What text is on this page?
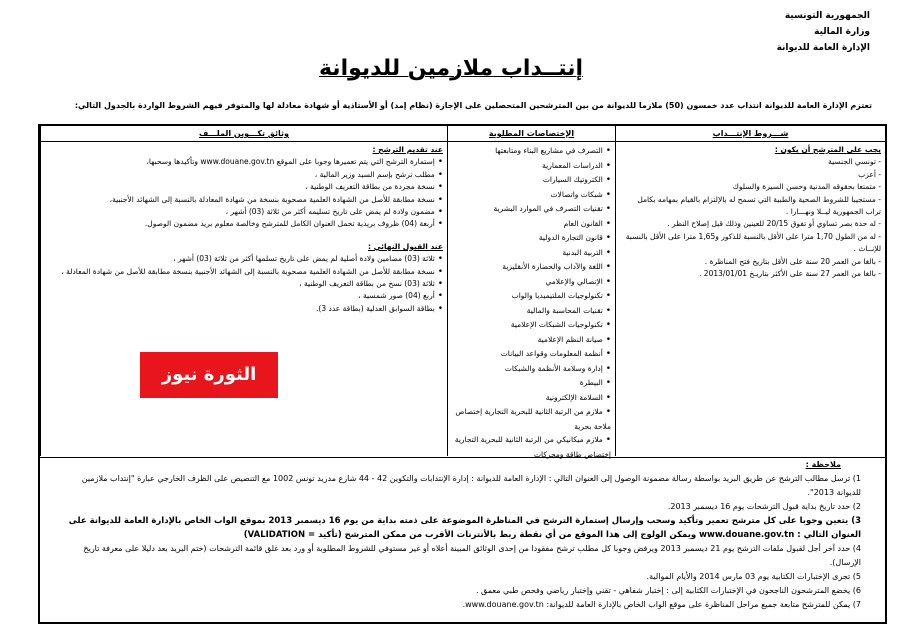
الجمهورية التونسية
وزارة المالية
الإدارة العامة للديوانة
إنتــداب ملازمين للديوانة
تعتزم الإدارة العامة للديوانة انتداب عدد خمسون (50) ملازما للديوانة من بين المترشحين المتحصلين على الإجازة (نظام إمد) أو الأستاذية أو شهادة معادلة لها والمتوفر فيهم الشروط الواردة بالجدول التالي:
شـــروط الإنتـــداب
يجب على المترشح أن يكون :
- تونسي الجنسية
- أعزب
- متمتعا بحقوقه المدنية وحسن السيرة والسلوك
- مستجيبا للشروط الصحية والطبية التي تسمح له بالإلتزام بالقيام بمهامه بكامل تراب الجمهورية ليــلا ونهـــارا .
- له حدة بصر تساوي أو تفوق 20/15 للعينين وذلك قبل إصلاح النظر .
- له من الطول 1,70 مترا على الأقل بالنسبة للذكور و1,65 مترا على الأقل بالنسبة للإنــاث .
- بالغا من العمر 20 سنة على الأقل بتاريخ فتح المناظرة .
- بالغا من العمر 27 سنة على الأكثر بتاريـخ 2013/01/01 .
الإختصاصات المطلوبة
• التصرف في مشاريع البناء ومتابعتها
• الدراسات المعمارية
• الكتروتيك السيارات
• شبكات واتصالات
• تقنيات التصرف في الموارد البشرية
• القانون العام
• قانون التجارة الدولية
• التربية البدنية
• اللغة والآداب والحضارة الأنقليزية
• الإتصالي والإعلامي
• تكنولوجيات الملتيميديا والواب
• تقنيات المحاسبة والمالية
• تكنولوجيات الشبكات الإعلامية
• صيانة النظم الإعلامية
• أنظمة المعلومات وقواعد البيانات
• إدارة وسلامة الأنظمة والشبكات
• البيطرة
• السلامة الإلكترونية
• ملازم من الرتبة الثانية للبحرية التجارية إختصاص ملاحة بحرية
• ملازم ميكانيكي من الرتبة الثانية للبحرية التجارية إختصاص طاقة ومحركات
وثائق تكـــوين الملـــف
عند تقديم الترشح :
• إستمارة الترشح التي يتم تعميرها وجوبا على الموقع www.douane.gov.tn وتأكيدها وسحبها،
• مطلب ترشح بإسم السيد وزير المالية ،
• نسخة مجردة من بطاقة التعريف الوطنية ،
• نسخة مطابقة للأصل من الشهادة العلمية مصحوبة بنسخة من شهادة المعادلة بالنسبة إلى الشهائد الأجنبية،
• مضمون ولادة لم يمض على تاريخ تسليمه أكثر من ثلاثة (03) أشهر ،
• أربعة (04) ظروف بريدية تحمل العنوان الكامل للمترشح وخالصة معلوم بريد مضمون الوصول.
عند القبول النهائي :
• ثلاثة (03) مضامين ولادة أصلية لم يمض على تاريخ تسلمها أكثر من ثلاثة (03) أشهر ،
• نسخة مطابقة للأصل من الشهادة العلمية مصحوبة بالنسبة إلى الشهائد الأجنبية بنسخة مطابقة للأصل من شهادة المعادلة ،
• ثلاثة (03) نسخ من بطاقة التعريف الوطنية ،
• أربع (04) صور شمسية ،
• بطاقة السوابق العدلية (بطاقة عدد 3).
ملاحظة :
1) ترسل مطالب الترشح عن طريق البريد بواسطة رسالة مضمونة الوصول إلى العنوان التالي : الإدارة العامة للديوانة : إدارة الإنتدابات والتكوين 42 - 44 شارع مدريد تونس 1002 مع التنصيص على الظرف الخارجي عبارة "إنتداب ملازمين للديوانة 2013".
2) حدد تاريخ بداية قبول الترشحات يوم 16 ديسمبر 2013.
3) يتعين وجوبا على كل مترشح تعمير وتأكيد وسحب وإرسال إستمارة الترشح في المناظرة الموضوعة على ذمته بداية من يوم 16 ديسمبر 2013 بموقع الواب الخاص بالإدارة العامة للديوانة على العنوان التالي : www.douane.gov.tn ويمكن الولوج إلى هذا الموقع من أي نقطة ربط بالأنترنات الأقرب من ممكن المترشح (تأكيد = VALIDATION)
4) حدد آخر أجل لقبول ملفات الترشح يوم 21 ديسمبر 2013 ويرفض وجوبا كل مطلب ترشح مفقودا من إحدى الوثائق المبينة أعلاه أو غير مستوفي للشروط المطلوبة أو ورد بعد غلق قائمة الترشحات (ختم البريد بعد دليلا على معرفة تاريخ الإرسال).
5) تجرى الإختبارات الكتابية يوم 03 مارس 2014 والأيام الموالية.
6) يخضع المترشحون الناجحون في الإختبارات الكتابية إلى : إختبار شفاهي - تقني وإختبار رياضي وفحص طبي معمق .
7) يمكن للمترشح متابعة جميع مراحل المناظرة على موقع الواب الخاص بالإدارة العامة للديوانة: www.douane.gov.tn.
الثورة نيوز
